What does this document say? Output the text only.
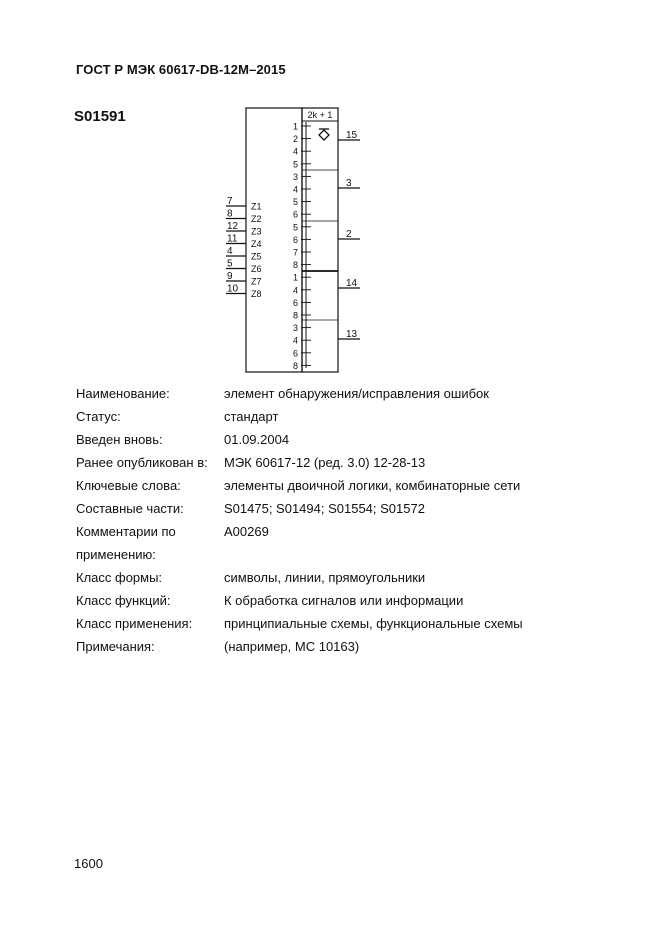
ГОСТ Р МЭК 60617-DB-12M–2015
S01591	2k + 1
1
2
4
5
3
4
5
6
5
6
7
8
1
4
6
8
3
4
6
8
15
3
2
14
13
7 Z1
8 Z2
12 Z3
11 Z4
4 Z5
5 Z6
9 Z7
10 Z8
Наименование:	элемент обнаружения/исправления ошибок
Статус:	стандарт
Введен вновь:	01.09.2004
Ранее опубликован в:	МЭК 60617-12 (ред. 3.0) 12-28-13
Ключевые слова:	элементы двоичной логики, комбинаторные сети
Составные части:	S01475; S01494; S01554; S01572
Комментарии по	A00269
применению:	
Класс формы:	символы, линии, прямоугольники
Класс функций:	К обработка сигналов или информации
Класс применения:	принципиальные схемы, функциональные схемы
Примечания:	(например, МС 10163)
1600
